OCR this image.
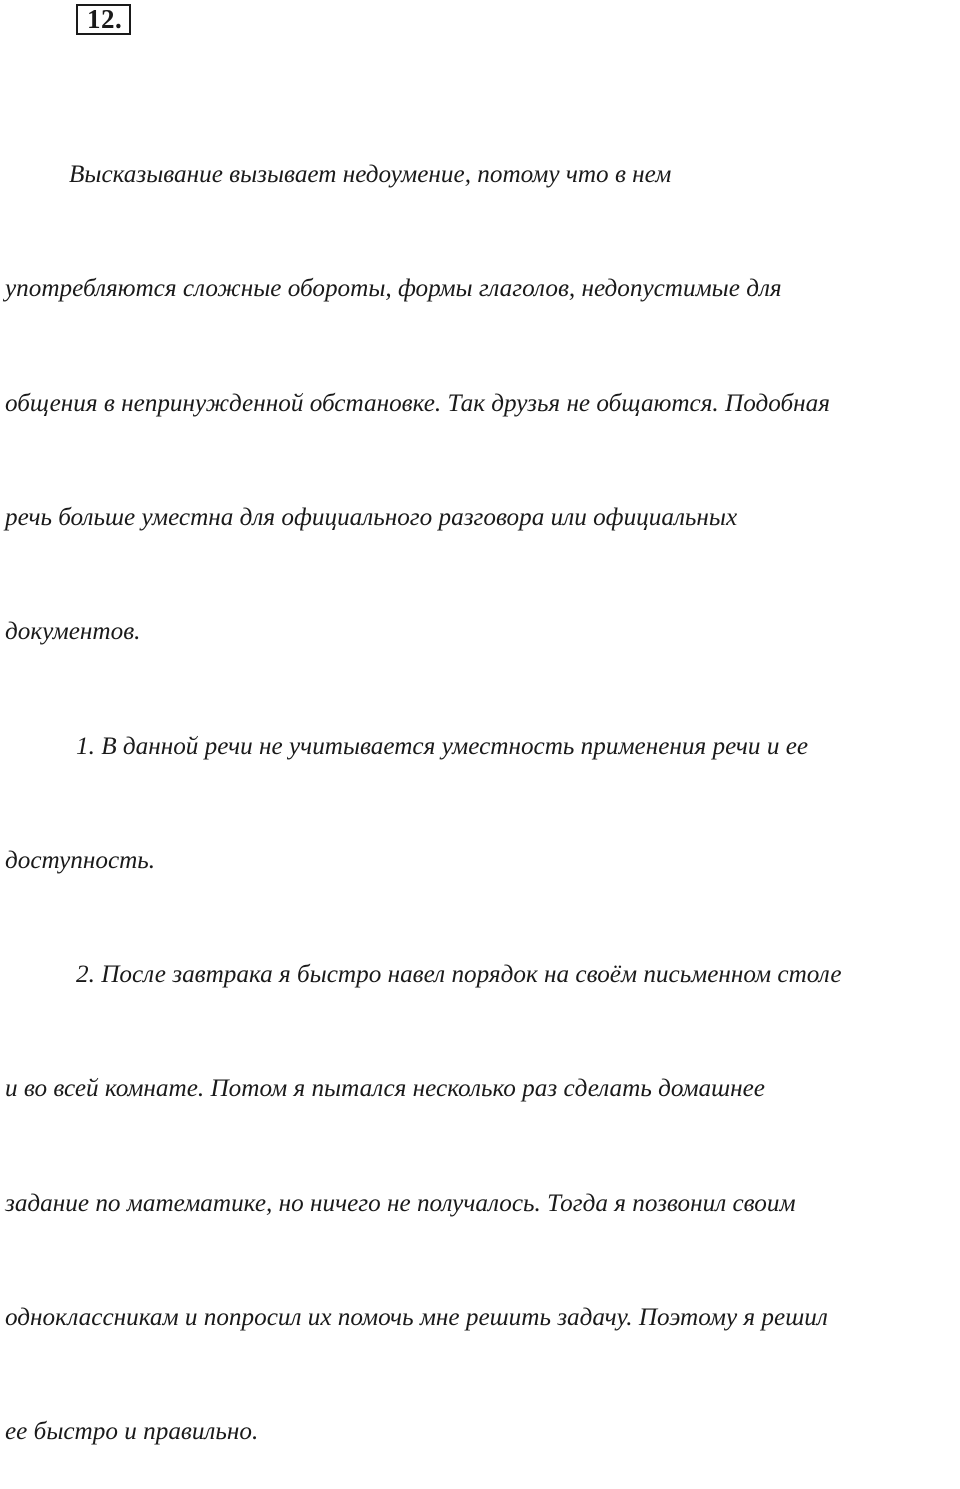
12.

Высказывание вызывает недоумение, потому что в нем

употребляются сложные обороты, формы глаголов, недопустимые для

общения в непринужденной обстановке. Так друзья не общаются. Подобная

речь больше уместна для официального разговора или официальных

документов.

1. В данной речи не учитывается уместность применения речи и ее

доступность.

2. После завтрака я быстро навел порядок на своём письменном столе

и во всей комнате. Потом я пытался несколько раз сделать домашнее

задание по математике, но ничего не получалось. Тогда я позвонил своим

одноклассникам и попросил их помочь мне решить задачу. Поэтому я решил

ее быстро и правильно.
